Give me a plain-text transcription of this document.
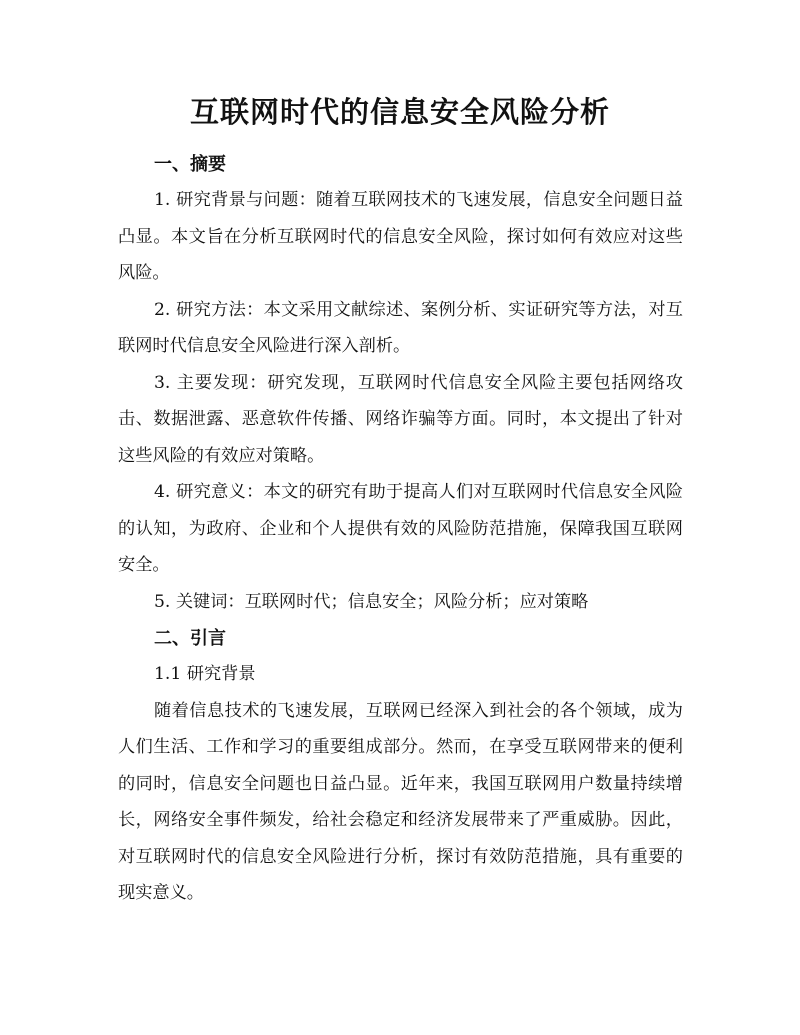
互联网时代的信息安全风险分析
一、摘要

1. 研究背景与问题：随着互联网技术的飞速发展，信息安全问题日益凸显。本文旨在分析互联网时代的信息安全风险，探讨如何有效应对这些风险。

2. 研究方法：本文采用文献综述、案例分析、实证研究等方法，对互联网时代信息安全风险进行深入剖析。

3. 主要发现：研究发现，互联网时代信息安全风险主要包括网络攻击、数据泄露、恶意软件传播、网络诈骗等方面。同时，本文提出了针对这些风险的有效应对策略。

4. 研究意义：本文的研究有助于提高人们对互联网时代信息安全风险的认知，为政府、企业和个人提供有效的风险防范措施，保障我国互联网安全。

5. 关键词：互联网时代；信息安全；风险分析；应对策略

二、引言

1.1 研究背景

随着信息技术的飞速发展，互联网已经深入到社会的各个领域，成为人们生活、工作和学习的重要组成部分。然而，在享受互联网带来的便利的同时，信息安全问题也日益凸显。近年来，我国互联网用户数量持续增长，网络安全事件频发，给社会稳定和经济发展带来了严重威胁。因此，对互联网时代的信息安全风险进行分析，探讨有效防范措施，具有重要的现实意义。
